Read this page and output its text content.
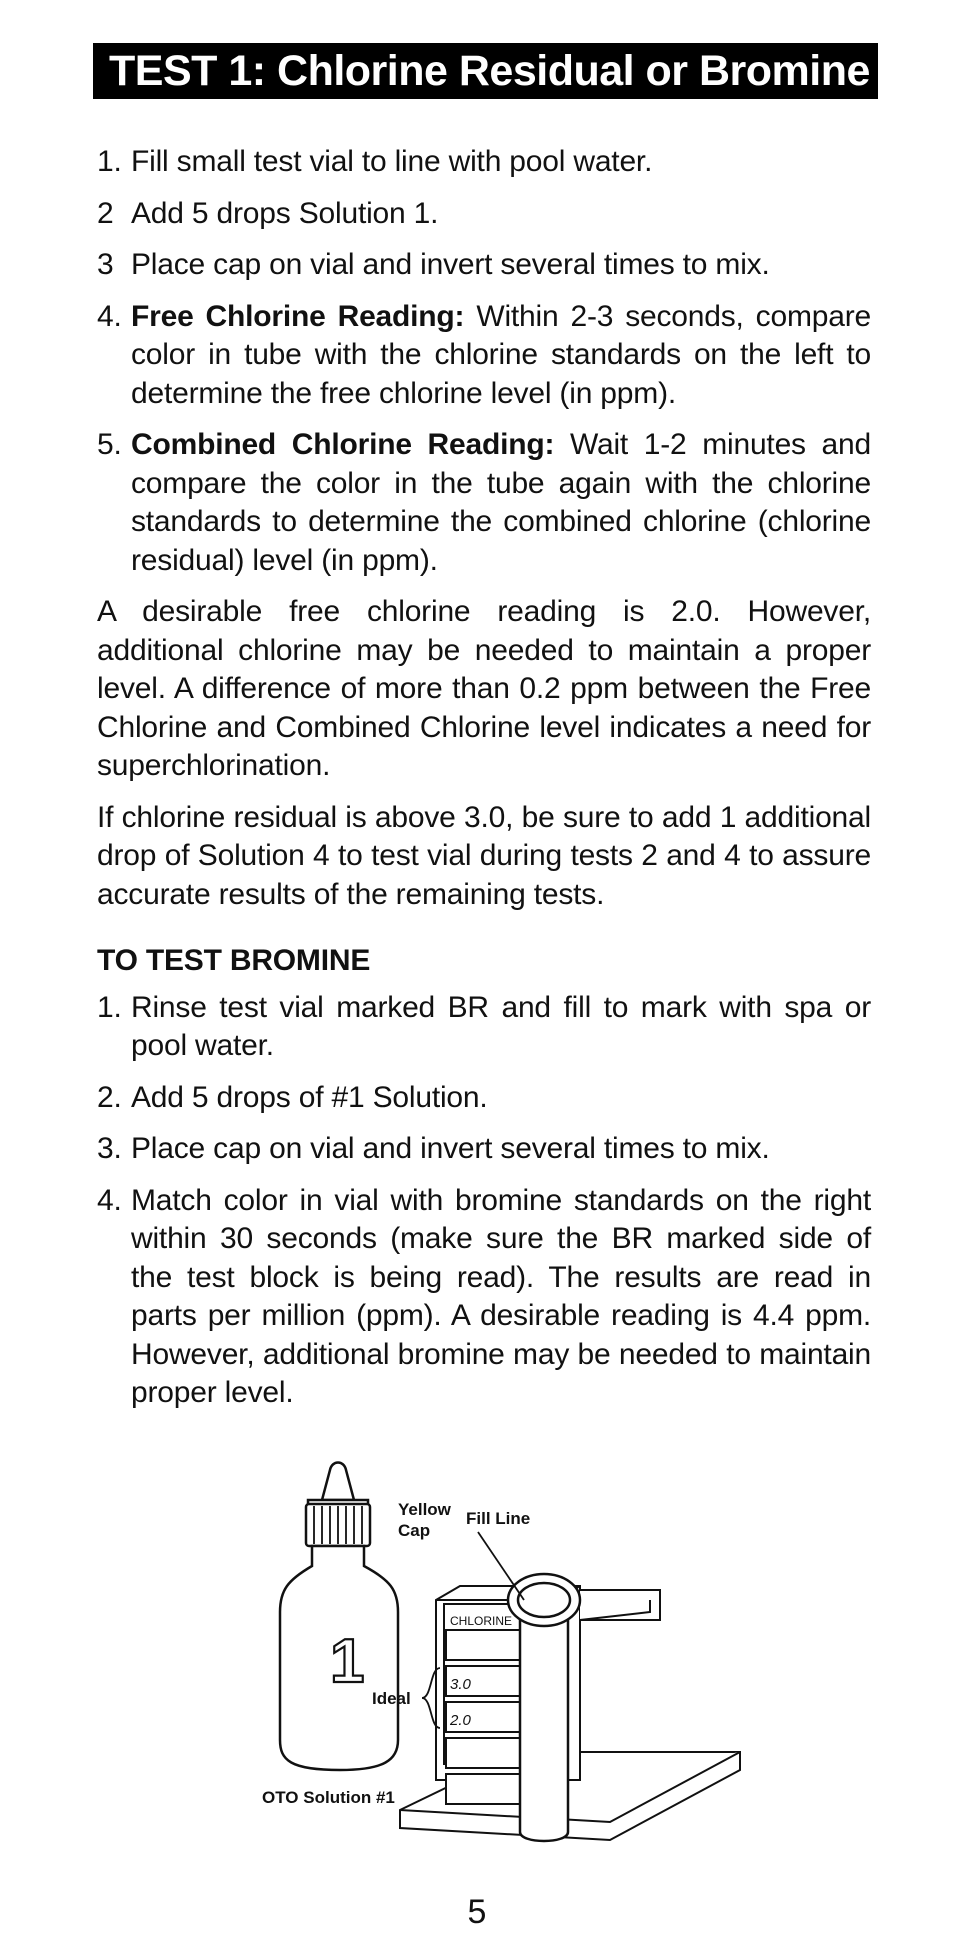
TEST 1: Chlorine Residual or Bromine
1. Fill small test vial to line with pool water.
2 Add 5 drops Solution 1.
3 Place cap on vial and invert several times to mix.
4. Free Chlorine Reading: Within 2-3 seconds, compare color in tube with the chlorine standards on the left to determine the free chlorine level (in ppm).
5. Combined Chlorine Reading: Wait 1-2 minutes and compare the color in the tube again with the chlorine standards to determine the combined chlorine (chlorine residual) level (in ppm).

A desirable free chlorine reading is 2.0. However, additional chlorine may be needed to maintain a proper level. A difference of more than 0.2 ppm between the Free Chlorine and Combined Chlorine level indicates a need for superchlorination.

If chlorine residual is above 3.0, be sure to add 1 additional drop of Solution 4 to test vial during tests 2 and 4 to assure accurate results of the remaining tests.

TO TEST BROMINE
1. Rinse test vial marked BR and fill to mark with spa or pool water.
2. Add 5 drops of #1 Solution.
3. Place cap on vial and invert several times to mix.
4. Match color in vial with bromine standards on the right within 30 seconds (make sure the BR marked side of the test block is being read). The results are read in parts per million (ppm). A desirable reading is 4.4 ppm. However, additional bromine may be needed to maintain proper level.
1
Yellow
Cap
OTO Solution #1
CHLORINE
3.0
2.0
Ideal
Fill Line
5
